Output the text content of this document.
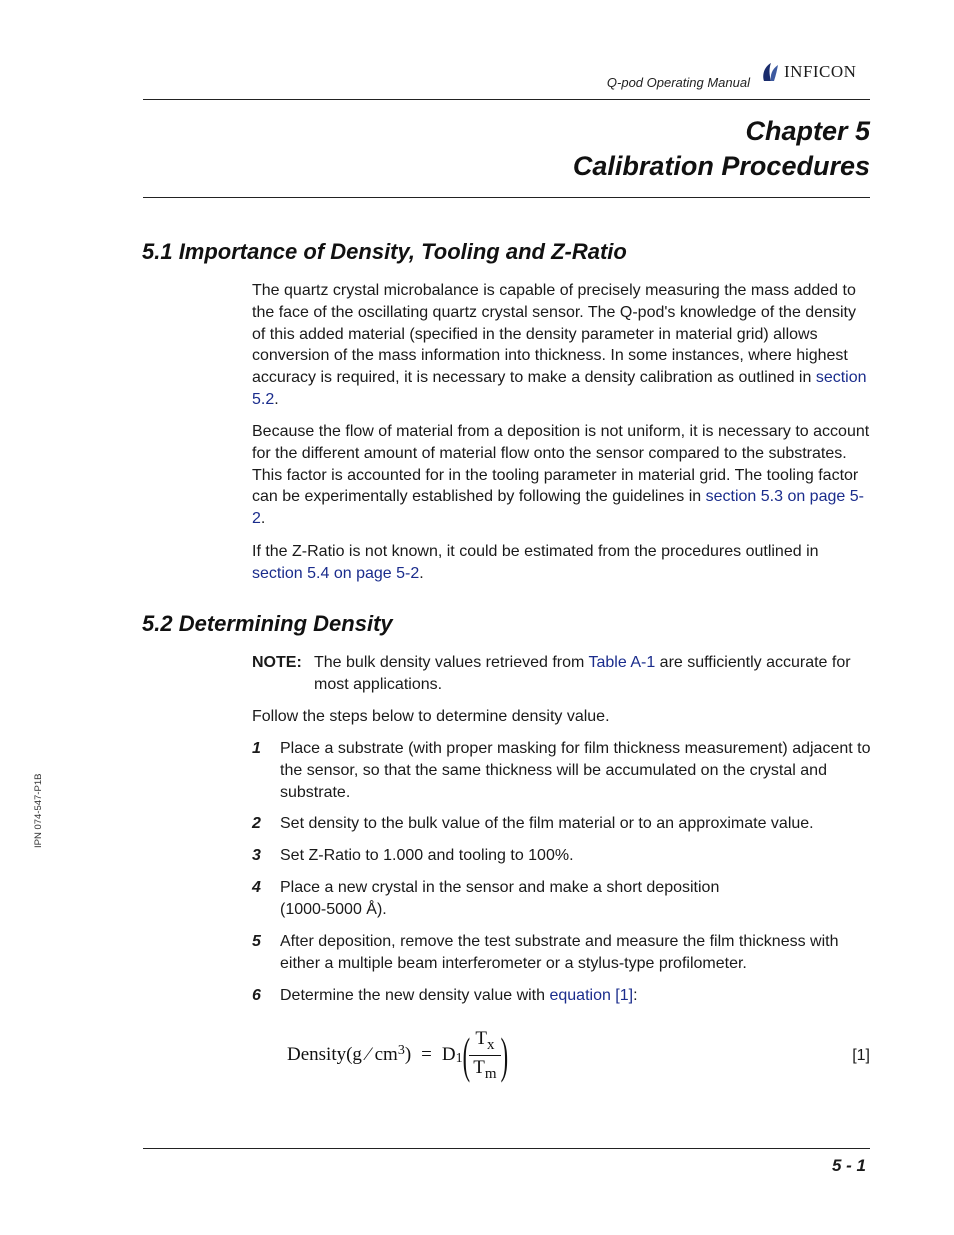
Q-pod Operating Manual
INFICON
Chapter 5
Calibration Procedures
5.1 Importance of Density, Tooling and Z-Ratio

The quartz crystal microbalance is capable of precisely measuring the mass added to the face of the oscillating quartz crystal sensor. The Q-pod's knowledge of the density of this added material (specified in the density parameter in material grid) allows conversion of the mass information into thickness. In some instances, where highest accuracy is required, it is necessary to make a density calibration as outlined in section 5.2.

Because the flow of material from a deposition is not uniform, it is necessary to account for the different amount of material flow onto the sensor compared to the substrates. This factor is accounted for in the tooling parameter in material grid. The tooling factor can be experimentally established by following the guidelines in section 5.3 on page 5-2.

If the Z-Ratio is not known, it could be estimated from the procedures outlined in section 5.4 on page 5-2.

5.2 Determining Density
NOTE: The bulk density values retrieved from Table A-1 are sufficiently accurate for most applications.
Follow the steps below to determine density value.
1 Place a substrate (with proper masking for film thickness measurement) adjacent to the sensor, so that the same thickness will be accumulated on the crystal and substrate.
2 Set density to the bulk value of the film material or to an approximate value.
3 Set Z-Ratio to 1.000 and tooling to 100%.
4 Place a new crystal in the sensor and make a short deposition (1000-5000 Å).
5 After deposition, remove the test substrate and measure the film thickness with either a multiple beam interferometer or a stylus-type profilometer.
6 Determine the new density value with equation [1]:
Density(g ⁄ $cm^3$ ) = $D_1$ ( $T_x$
$T_m$ )	[1]
IPN 074-547-P1B
5 - 1
